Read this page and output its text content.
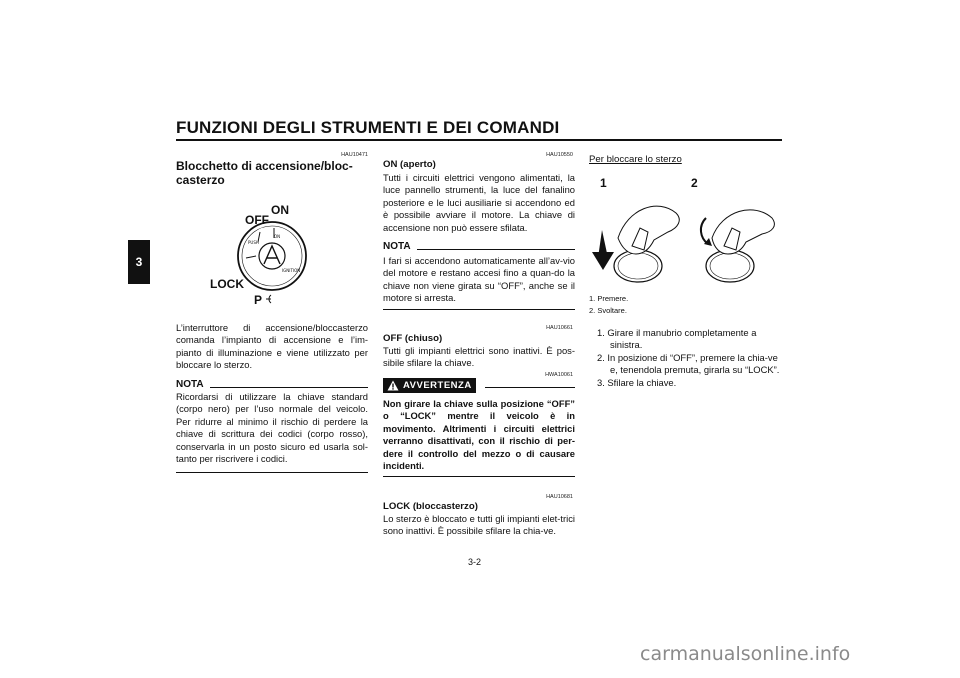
FUNZIONI DEGLI STRUMENTI E DEI COMANDI
3
HAU10471
Blocchetto di accensione/bloc-
casterzo
ON
IGNITION
PUSH
ON
OFF
LOCK
P
L’interruttore di accensione/bloccasterzo comanda l’impianto di accensione e l’im-pianto di illuminazione e viene utilizzato per bloccare lo sterzo.
NOTA
Ricordarsi di utilizzare la chiave standard (corpo nero) per l’uso normale del veicolo. Per ridurre al minimo il rischio di perdere la chiave di scrittura dei codici (corpo rosso), conservarla in un posto sicuro ed usarla sol-tanto per riscrivere i codici.
HAU10550
ON (aperto)
Tutti i circuiti elettrici vengono alimentati, la luce pannello strumenti, la luce del fanalino posteriore e le luci ausiliarie si accendono ed è possibile avviare il motore. La chiave di accensione non può essere sfilata.
NOTA
I fari si accendono automaticamente all’av-vio del motore e restano accesi fino a quan-do la chiave non viene girata su “OFF”, anche se il motore si arresta.
HAU10661
OFF (chiuso)
Tutti gli impianti elettrici sono inattivi. È pos-sibile sfilare la chiave.
HWA10061
AVVERTENZA
Non girare la chiave sulla posizione “OFF” o “LOCK” mentre il veicolo è in movimento. Altrimenti i circuiti elettrici verranno disattivati, con il rischio di per-dere il controllo del mezzo o di causare incidenti.
HAU10681
LOCK (bloccasterzo)
Lo sterzo è bloccato e tutti gli impianti elet-trici sono inattivi. È possibile sfilare la chia-ve.
3-2
Per bloccare lo sterzo
1	2
1. Premere.
2. Svoltare.
1. Girare il manubrio completamente a sinistra.
2. In posizione di “OFF”, premere la chia-ve e, tenendola premuta, girarla su “LOCK”.
3. Sfilare la chiave.
carmanualsonline.info
